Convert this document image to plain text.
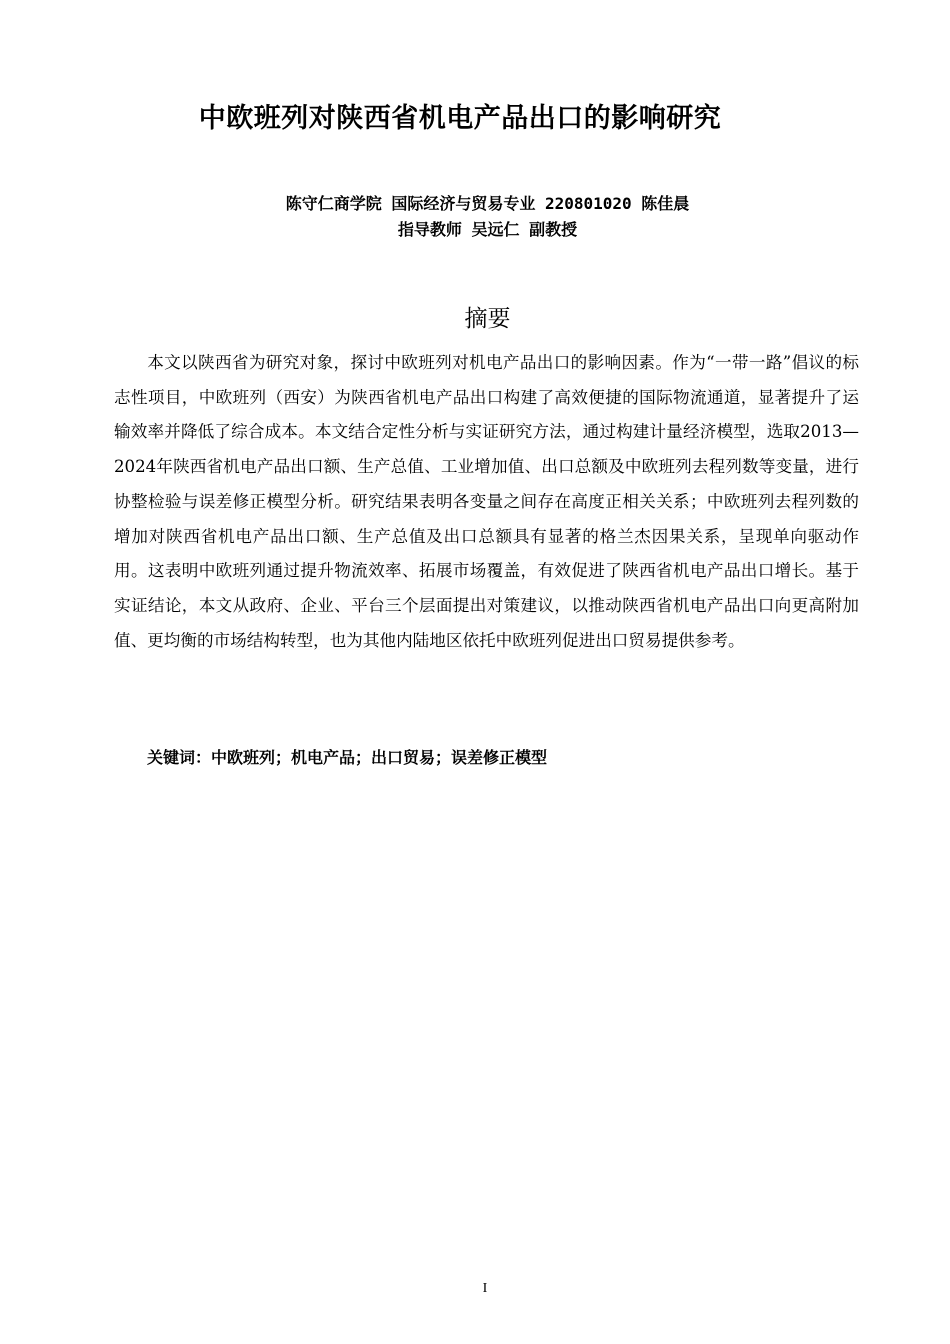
中欧班列对陕西省机电产品出口的影响研究
陈守仁商学院 国际经济与贸易专业 220801020 陈佳晨
指导教师 吴远仁 副教授
摘要

本文以陕西省为研究对象，探讨中欧班列对机电产品出口的影响因素。作为“一带一路”倡议的标志性项目，中欧班列（西安）为陕西省机电产品出口构建了高效便捷的国际物流通道，显著提升了运输效率并降低了综合成本。本文结合定性分析与实证研究方法，通过构建计量经济模型，选取2013—2024年陕西省机电产品出口额、生产总值、工业增加值、出口总额及中欧班列去程列数等变量，进行协整检验与误差修正模型分析。研究结果表明各变量之间存在高度正相关关系；中欧班列去程列数的增加对陕西省机电产品出口额、生产总值及出口总额具有显著的格兰杰因果关系，呈现单向驱动作用。这表明中欧班列通过提升物流效率、拓展市场覆盖，有效促进了陕西省机电产品出口增长。基于实证结论，本文从政府、企业、平台三个层面提出对策建议，以推动陕西省机电产品出口向更高附加值、更均衡的市场结构转型，也为其他内陆地区依托中欧班列促进出口贸易提供参考。

关键词：中欧班列；机电产品；出口贸易；误差修正模型
I
